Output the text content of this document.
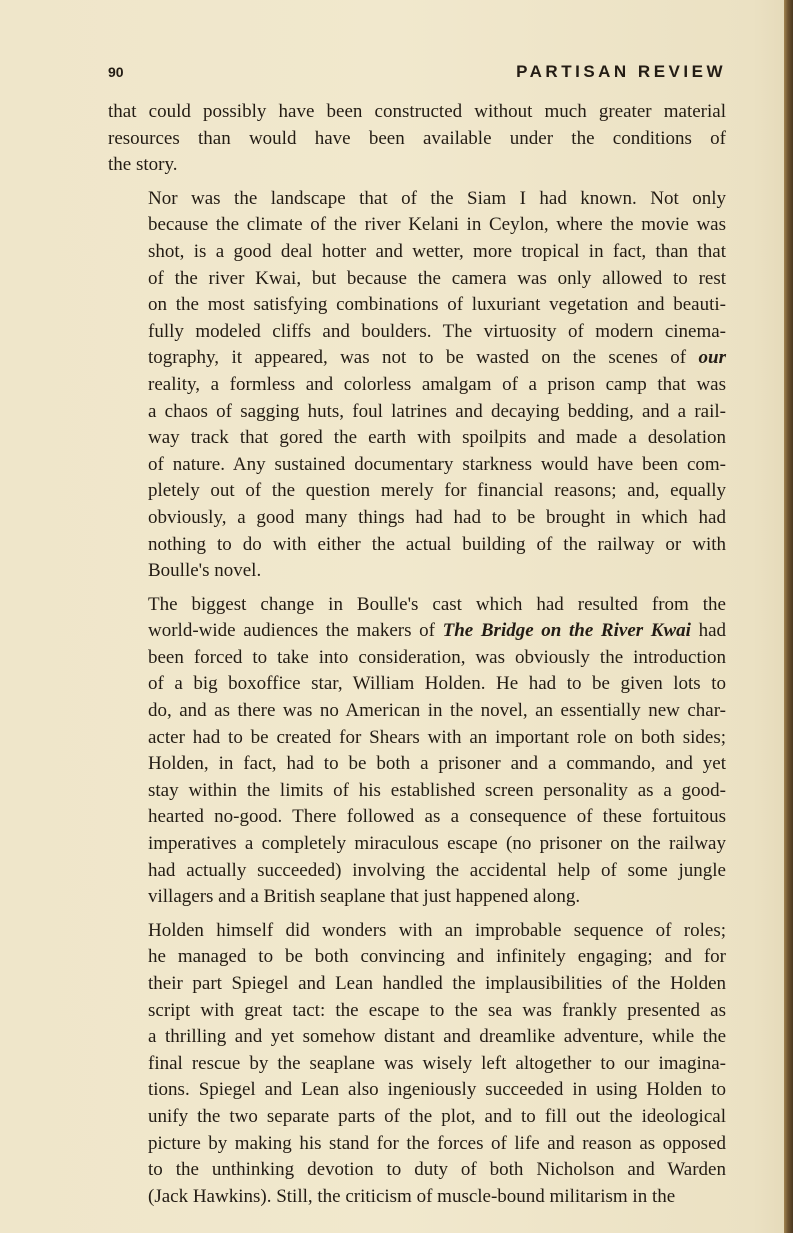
90	PARTISAN REVIEW

that could possibly have been constructed without much greater material
resources than would have been available under the conditions of
the story.

Nor was the landscape that of the Siam I had known. Not only
because the climate of the river Kelani in Ceylon, where the movie was
shot, is a good deal hotter and wetter, more tropical in fact, than that
of the river Kwai, but because the camera was only allowed to rest
on the most satisfying combinations of luxuriant vegetation and beauti-
fully modeled cliffs and boulders. The virtuosity of modern cinema-
tography, it appeared, was not to be wasted on the scenes of our
reality, a formless and colorless amalgam of a prison camp that was
a chaos of sagging huts, foul latrines and decaying bedding, and a rail-
way track that gored the earth with spoilpits and made a desolation
of nature. Any sustained documentary starkness would have been com-
pletely out of the question merely for financial reasons; and, equally
obviously, a good many things had had to be brought in which had
nothing to do with either the actual building of the railway or with
Boulle's novel.

The biggest change in Boulle's cast which had resulted from the
world-wide audiences the makers of The Bridge on the River Kwai had
been forced to take into consideration, was obviously the introduction
of a big boxoffice star, William Holden. He had to be given lots to
do, and as there was no American in the novel, an essentially new char-
acter had to be created for Shears with an important role on both sides;
Holden, in fact, had to be both a prisoner and a commando, and yet
stay within the limits of his established screen personality as a good-
hearted no-good. There followed as a consequence of these fortuitous
imperatives a completely miraculous escape (no prisoner on the railway
had actually succeeded) involving the accidental help of some jungle
villagers and a British seaplane that just happened along.

Holden himself did wonders with an improbable sequence of roles;
he managed to be both convincing and infinitely engaging; and for
their part Spiegel and Lean handled the implausibilities of the Holden
script with great tact: the escape to the sea was frankly presented as
a thrilling and yet somehow distant and dreamlike adventure, while the
final rescue by the seaplane was wisely left altogether to our imagina-
tions. Spiegel and Lean also ingeniously succeeded in using Holden to
unify the two separate parts of the plot, and to fill out the ideological
picture by making his stand for the forces of life and reason as opposed
to the unthinking devotion to duty of both Nicholson and Warden
(Jack Hawkins). Still, the criticism of muscle-bound militarism in the
